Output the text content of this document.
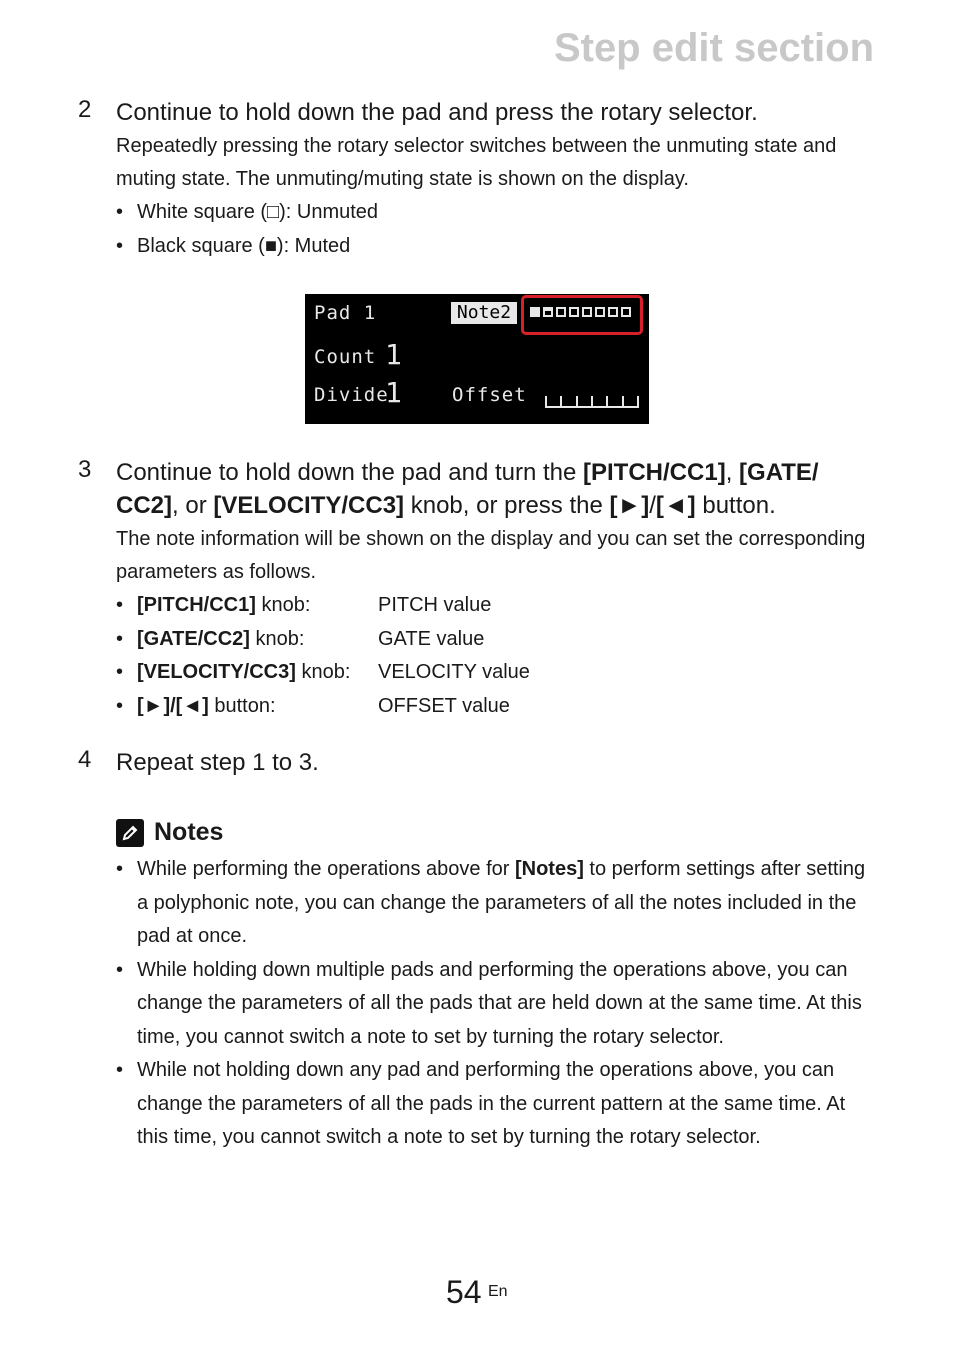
Step edit section
2 Continue to hold down the pad and press the rotary selector.
Repeatedly pressing the rotary selector switches between the unmuting state and muting state. The unmuting/muting state is shown on the display.
• White square (□): Unmuted
• Black square (■): Muted
Pad 1	Note2
Count 1
Divide
1	Offset
3 Continue to hold down the pad and turn the [PITCH/CC1], [GATE/ CC2], or [VELOCITY/CC3] knob, or press the [►]/[◄] button.
The note information will be shown on the display and you can set the corresponding parameters as follows.
• [PITCH/CC1] knob:	PITCH value
• [GATE/CC2] knob:	GATE value
• [VELOCITY/CC3] knob: VELOCITY value
• [►]/[◄] button:	OFFSET value
4 Repeat step 1 to 3.
Notes
• While performing the operations above for [Notes] to perform settings after setting a polyphonic note, you can change the parameters of all the notes included in the pad at once.
• While holding down multiple pads and performing the operations above, you can change the parameters of all the pads that are held down at the same time. At this time, you cannot switch a note to set by turning the rotary selector.
• While not holding down any pad and performing the operations above, you can change the parameters of all the pads in the current pattern at the same time. At this time, you cannot switch a note to set by turning the rotary selector.
54 En
